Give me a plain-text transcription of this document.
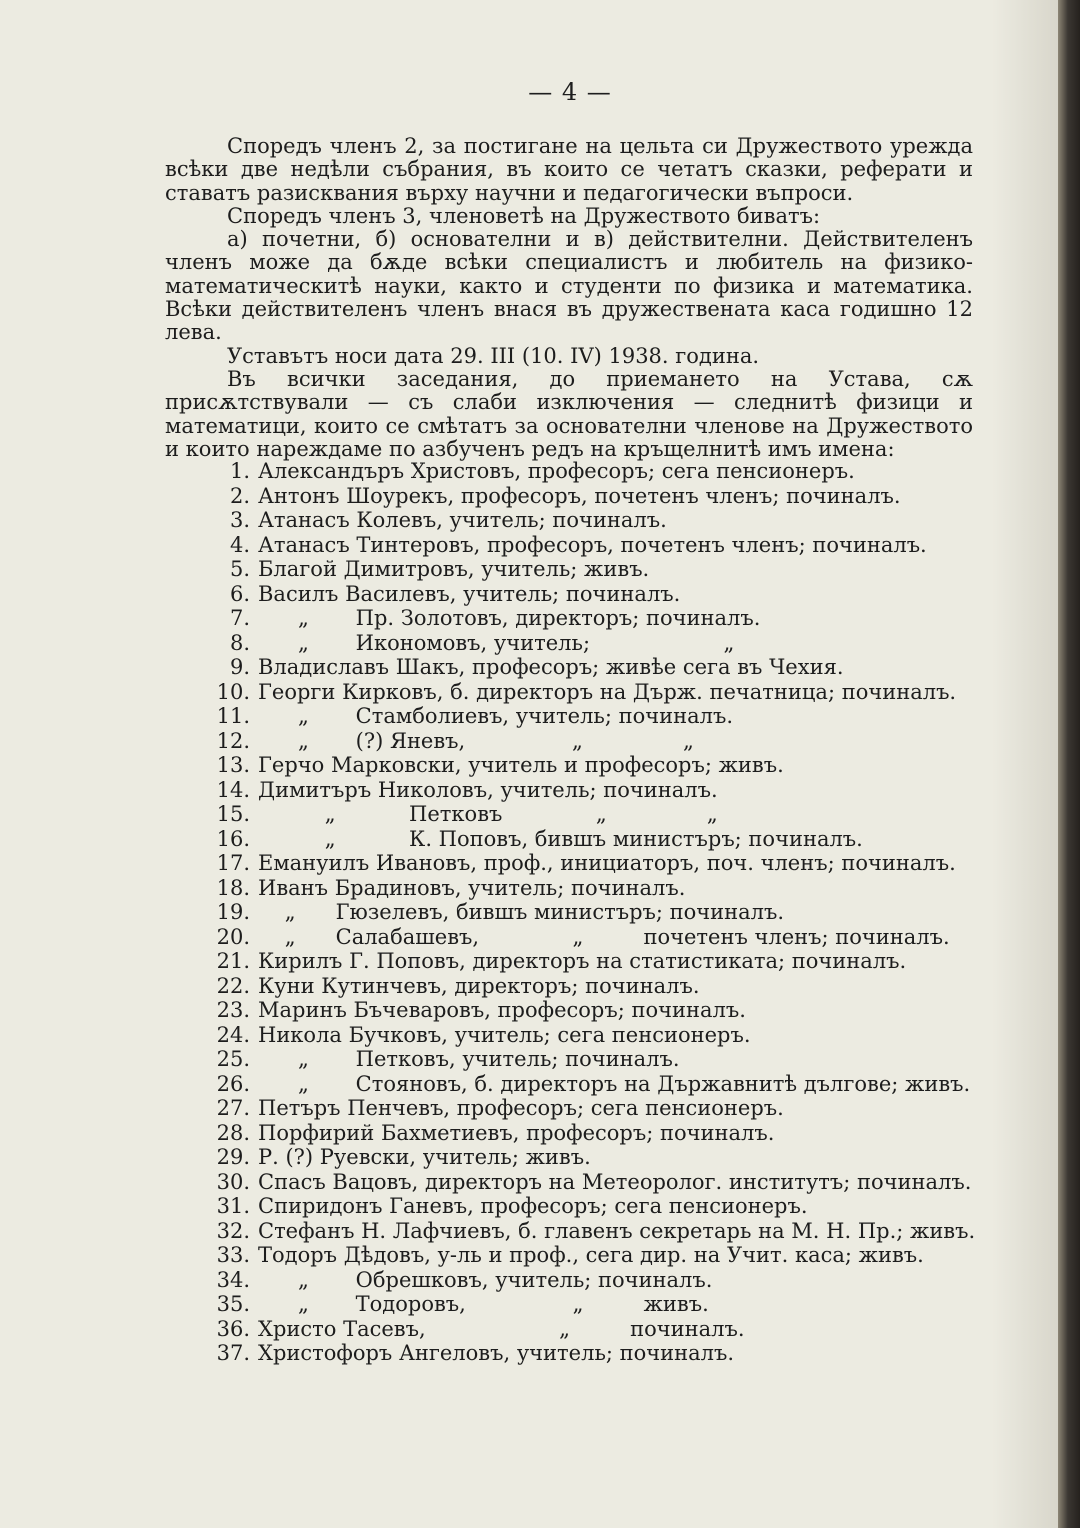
— 4 —

Споредъ членъ 2, за постигане на цельта си Дружеството урежда всѣки две недѣли събрания, въ които се четатъ сказки, реферати и ставатъ разисквания върху научни и педагогически въпроси.

Споредъ членъ 3, членоветѣ на Дружеството биватъ:

а) почетни, б) основателни и в) действителни. Действителенъ членъ може да бѫде всѣки специалистъ и любитель на физико-математическитѣ науки, както и студенти по физика и математика. Всѣки действителенъ членъ внася въ дружествената каса годишно 12 лева.

Уставътъ носи дата 29. III (10. IV) 1938. година.

Въ всички заседания, до приемането на Устава, сѫ присѫтствували — съ слаби изключения — следнитѣ физици и математици, които се смѣтатъ за основателни членове на Дружеството и които нареждаме по азбученъ редъ на кръщелнитѣ имъ имена:

1. Александъръ Христовъ, професоръ; сега пенсионеръ.
2. Антонъ Шоурекъ, професоръ, почетенъ членъ; починалъ.
3. Атанасъ Колевъ, учитель; починалъ.
4. Атанасъ Тинтеровъ, професоръ, почетенъ членъ; починалъ.
5. Благой Димитровъ, учитель; живъ.
6. Василъ Василевъ, учитель; починалъ.
7. „       Пр. Золотовъ, директоръ; починалъ.
8. „       Икономовъ, учитель;                    „
9. Владиславъ Шакъ, професоръ; живѣе сега въ Чехия.
10. Георги Кирковъ, б. директоръ на Държ. печатница; починалъ.
11. „       Стамболиевъ, учитель; починалъ.
12. „       (?) Яневъ,                „               „
13. Герчо Марковски, учитель и професоръ; живъ.
14. Димитъръ Николовъ, учитель; починалъ.
15. „           Петковъ              „               „
16. „           К. Поповъ, бившъ министъръ; починалъ.
17. Емануилъ Ивановъ, проф., инициаторъ, поч. членъ; починалъ.
18. Иванъ Брадиновъ, учитель; починалъ.
19. „      Гюзелевъ, бившъ министъръ; починалъ.
20. „      Салабашевъ,              „         почетенъ членъ; починалъ.
21. Кирилъ Г. Поповъ, директоръ на статистиката; починалъ.
22. Куни Кутинчевъ, директоръ; починалъ.
23. Маринъ Бъчеваровъ, професоръ; починалъ.
24. Никола Бучковъ, учитель; сега пенсионеръ.
25. „       Петковъ, учитель; починалъ.
26. „       Стояновъ, б. директоръ на Държавнитѣ дългове; живъ.
27. Петъръ Пенчевъ, професоръ; сега пенсионеръ.
28. Порфирий Бахметиевъ, професоръ; починалъ.
29. Р. (?) Руевски, учитель; живъ.
30. Спасъ Вацовъ, директоръ на Метеоролог. институтъ; починалъ.
31. Спиридонъ Ганевъ, професоръ; сега пенсионеръ.
32. Стефанъ Н. Лафчиевъ, б. главенъ секретарь на М. Н. Пр.; живъ.
33. Тодоръ Дѣдовъ, у-ль и проф., сега дир. на Учит. каса; живъ.
34. „       Обрешковъ, учитель; починалъ.
35. „       Тодоровъ,                „         живъ.
36. Христо Тасевъ,                    „         починалъ.
37. Христофоръ Ангеловъ, учитель; починалъ.
